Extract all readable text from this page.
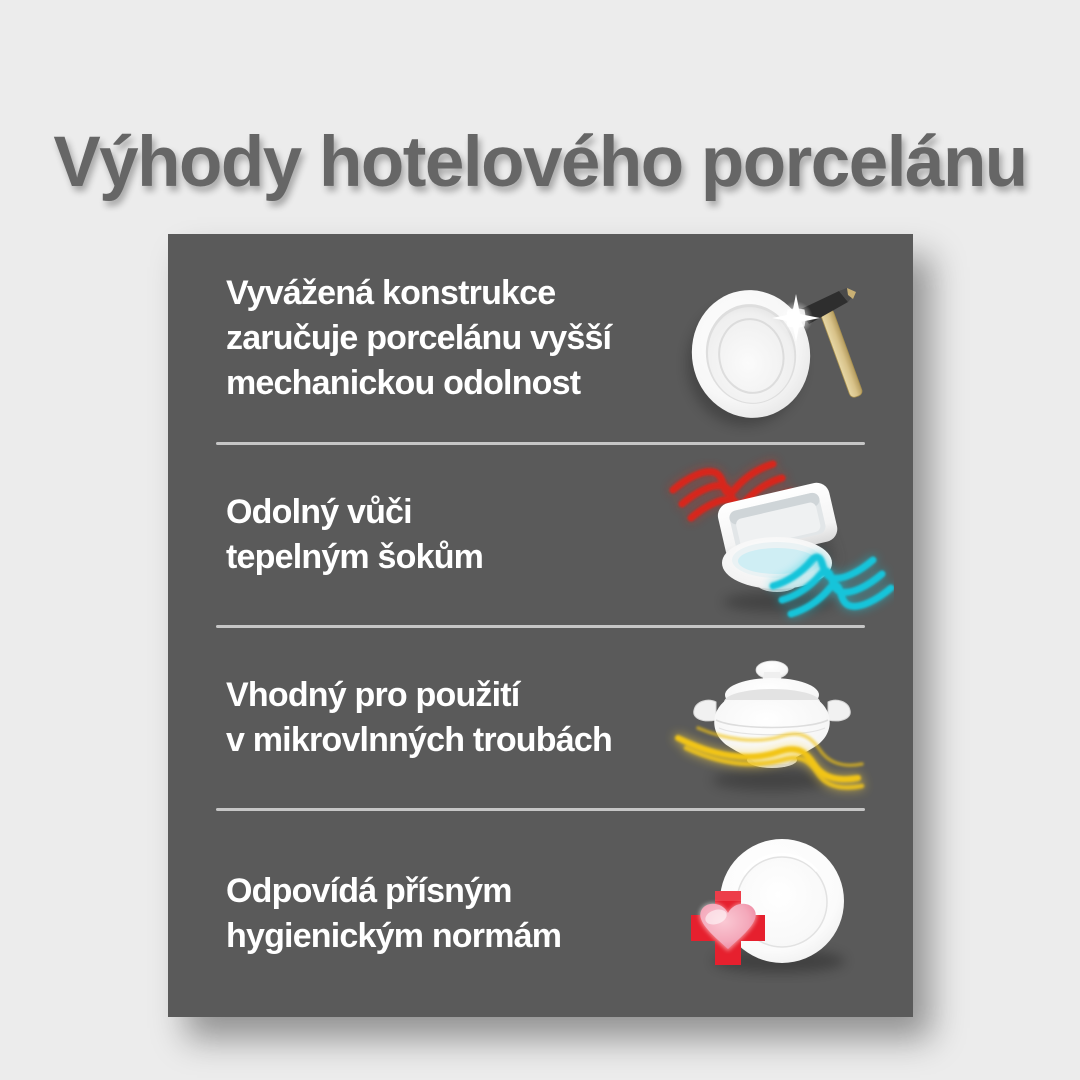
Výhody hotelového porcelánu
Vyvážená konstrukce
zaručuje porcelánu vyšší
mechanickou odolnost
Odolný vůči
tepelným šokům
Vhodný pro použití
v mikrovlnných troubách
Odpovídá přísným
hygienickým normám
